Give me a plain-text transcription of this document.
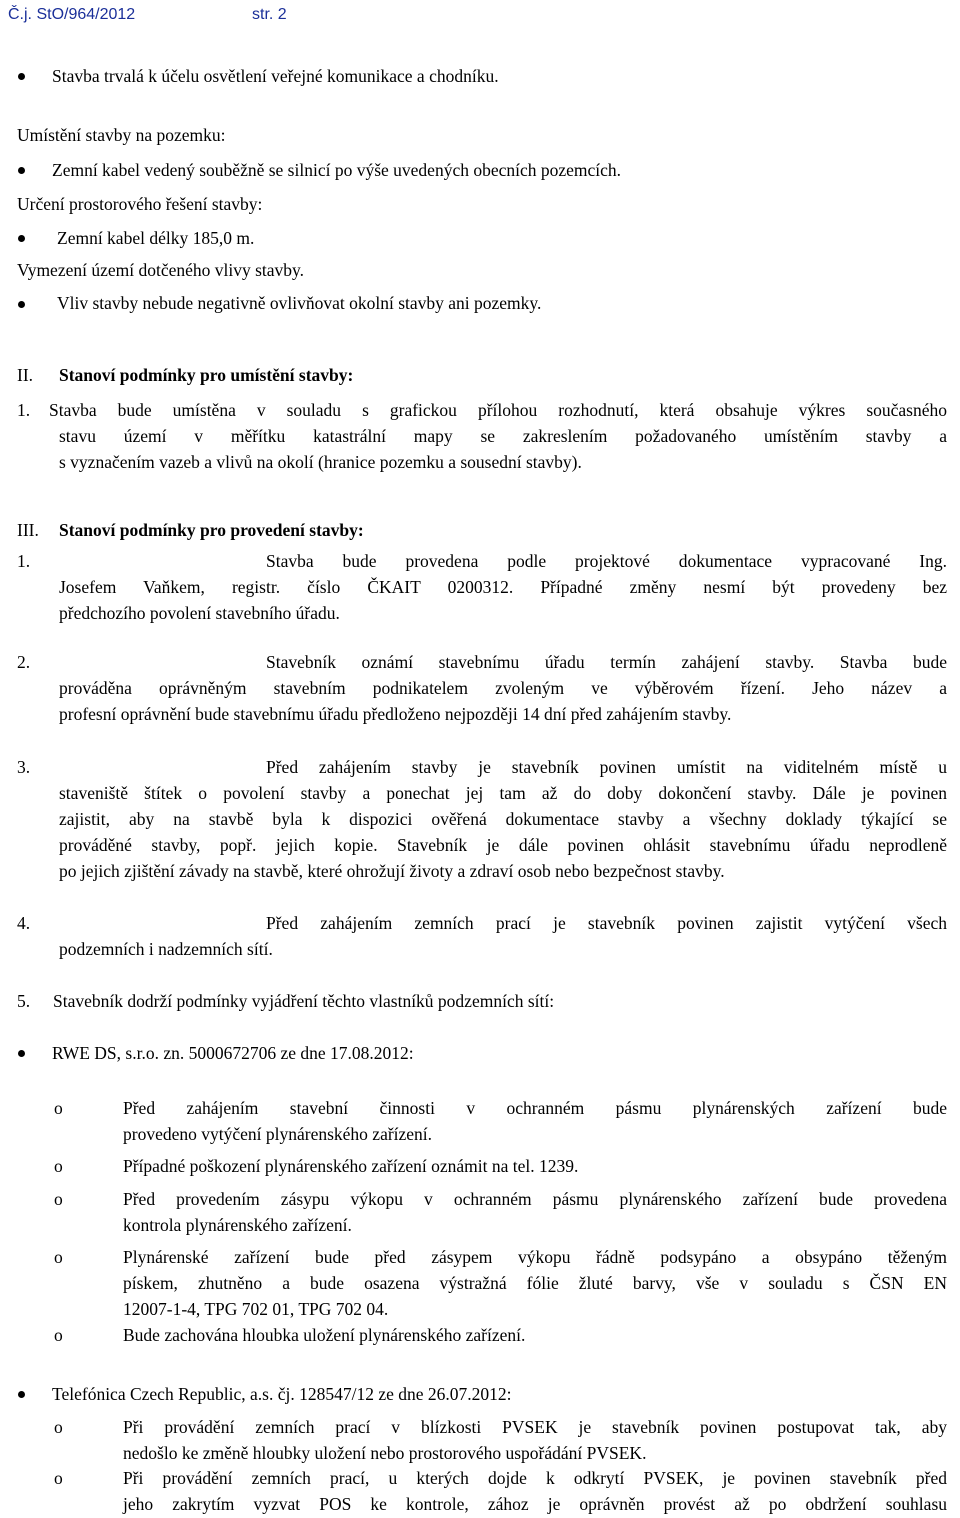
Č.j. StO/964/2012	str. 2
Stavba trvalá k účelu osvětlení veřejné komunikace a chodníku.
Umístění stavby na pozemku:
Zemní kabel vedený souběžně se silnicí po výše uvedených obecních pozemcích.
Určení prostorového řešení stavby:
Zemní kabel délky 185,0 m.
Vymezení území dotčeného vlivy stavby.
Vliv stavby nebude negativně ovlivňovat okolní stavby ani pozemky.
II. Stanoví podmínky pro umístění stavby:
1. Stavba bude umístěna v souladu s grafickou přílohou rozhodnutí, která obsahuje výkres současného
stavu území v měřítku katastrální mapy se zakreslením požadovaného umístěním stavby a
s vyznačením vazeb a vlivů na okolí (hranice pozemku a sousední stavby).
III. Stanoví podmínky pro provedení stavby:
1.	Stavba bude provedena podle projektové dokumentace vypracované Ing.
Josefem Vaňkem, registr. číslo ČKAIT 0200312. Případné změny nesmí být provedeny bez
předchozího povolení stavebního úřadu.
2.	Stavebník oznámí stavebnímu úřadu termín zahájení stavby. Stavba bude
prováděna oprávněným stavebním podnikatelem zvoleným ve výběrovém řízení. Jeho název a
profesní oprávnění bude stavebnímu úřadu předloženo nejpozději 14 dní před zahájením stavby.
3.	Před zahájením stavby je stavebník povinen umístit na viditelném místě u
staveniště štítek o povolení stavby a ponechat jej tam až do doby dokončení stavby. Dále je povinen
zajistit, aby na stavbě byla k dispozici ověřená dokumentace stavby a všechny doklady týkající se
prováděné stavby, popř. jejich kopie. Stavebník je dále povinen ohlásit stavebnímu úřadu neprodleně
po jejich zjištění závady na stavbě, které ohrožují životy a zdraví osob nebo bezpečnost stavby.
4.	Před zahájením zemních prací je stavebník povinen zajistit vytýčení všech
podzemních i nadzemních sítí.
5. Stavebník dodrží podmínky vyjádření těchto vlastníků podzemních sítí:
RWE DS, s.r.o. zn. 5000672706 ze dne 17.08.2012:
o	Před zahájením stavební činnosti v ochranném pásmu plynárenských zařízení bude
provedeno vytýčení plynárenského zařízení.
o	Případné poškození plynárenského zařízení oznámit na tel. 1239.
o	Před provedením zásypu výkopu v ochranném pásmu plynárenského zařízení bude provedena
kontrola plynárenského zařízení.
o	Plynárenské zařízení bude před zásypem výkopu řádně podsypáno a obsypáno těženým
pískem, zhutněno a bude osazena výstražná fólie žluté barvy, vše v souladu s ČSN EN
12007-1-4, TPG 702 01, TPG 702 04.
o	Bude zachována hloubka uložení plynárenského zařízení.
Telefónica Czech Republic, a.s. čj. 128547/12 ze dne 26.07.2012:
o	Při provádění zemních prací v blízkosti PVSEK je stavebník povinen postupovat tak, aby
nedošlo ke změně hloubky uložení nebo prostorového uspořádání PVSEK.
o	Při provádění zemních prací, u kterých dojde k odkrytí PVSEK, je povinen stavebník před
jeho zakrytím vyzvat POS ke kontrole, zához je oprávněn provést až po obdržení souhlasu
